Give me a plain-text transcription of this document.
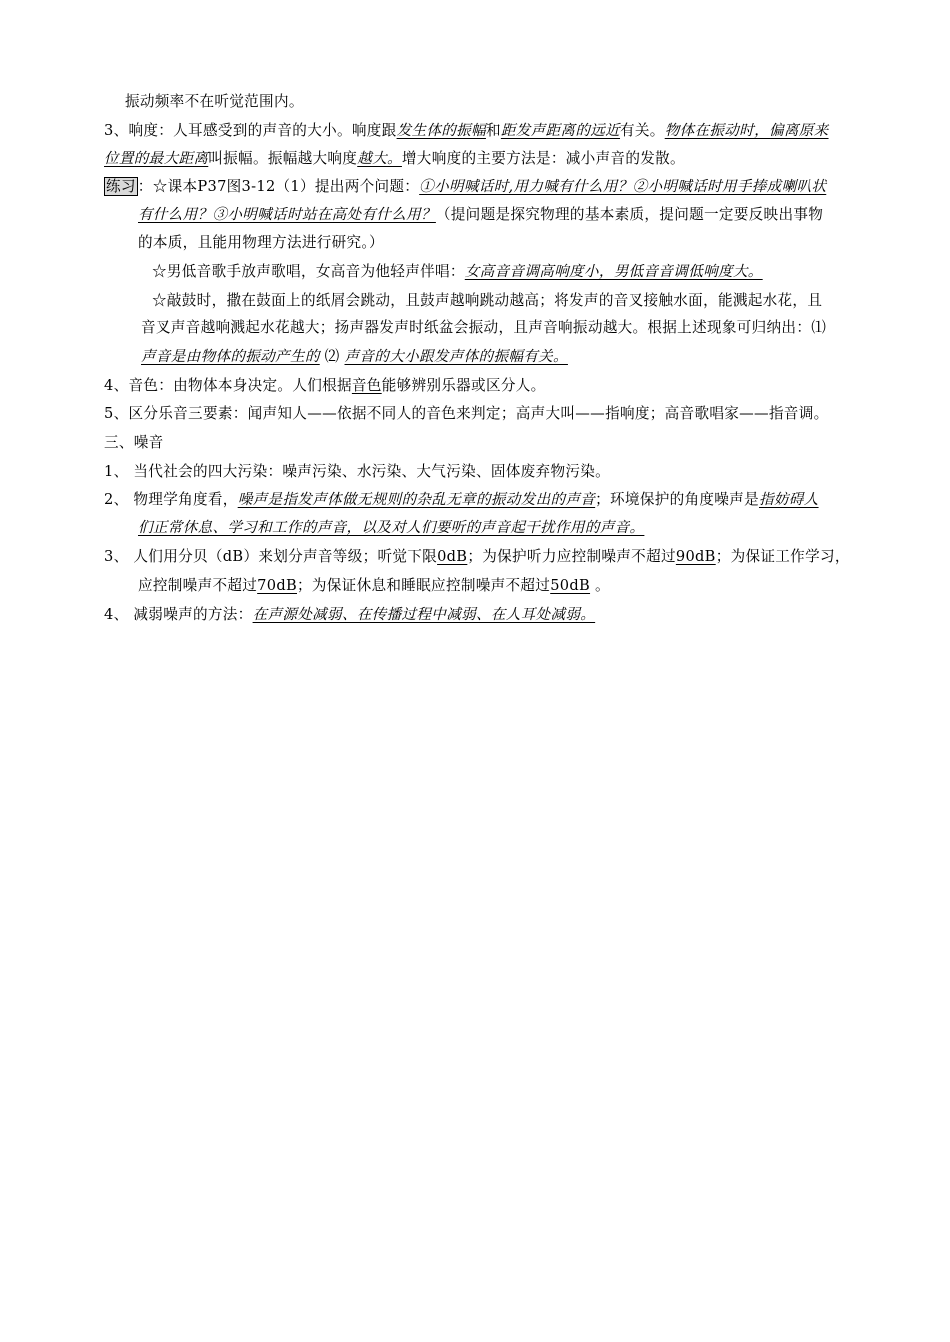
振动频率不在听觉范围内。
3、响度：人耳感受到的声音的大小。响度跟发生体的振幅和距发声距离的远近有关。物体在振动时，偏离原来
位置的最大距离叫振幅。振幅越大响度越大。增大响度的主要方法是：减小声音的发散。
练习 ：☆课本P37图3-12（1）提出两个问题：①小明喊话时,用力喊有什么用？②小明喊话时用手捧成喇叭状
有什么用？③小明喊话时站在高处有什么用？（提问题是探究物理的基本素质，提问题一定要反映出事物
的本质，且能用物理方法进行研究。）
☆男低音歌手放声歌唱，女高音为他轻声伴唱：女高音音调高响度小，男低音音调低响度大。
☆敲鼓时，撒在鼓面上的纸屑会跳动，且鼓声越响跳动越高；将发声的音叉接触水面，能溅起水花，且
音叉声音越响溅起水花越大；扬声器发声时纸盆会振动，且声音响振动越大。根据上述现象可归纳出：⑴
声音是由物体的振动产生的 ⑵ 声音的大小跟发声体的振幅有关。
4、音色：由物体本身决定。人们根据音色能够辨别乐器或区分人。
5、区分乐音三要素：闻声知人——依据不同人的音色来判定；高声大叫——指响度；高音歌唱家——指音调。
三、噪音
1、 当代社会的四大污染：噪声污染、水污染、大气污染、固体废弃物污染。
2、 物理学角度看，噪声是指发声体做无规则的杂乱无章的振动发出的声音；环境保护的角度噪声是指妨碍人
们正常休息、学习和工作的声音，以及对人们要听的声音起干扰作用的声音。
3、 人们用分贝（dB）来划分声音等级；听觉下限0dB；为保护听力应控制噪声不超过90dB；为保证工作学习，
应控制噪声不超过70dB；为保证休息和睡眠应控制噪声不超过50dB 。
4、 减弱噪声的方法：在声源处减弱、在传播过程中减弱、在人耳处减弱。
